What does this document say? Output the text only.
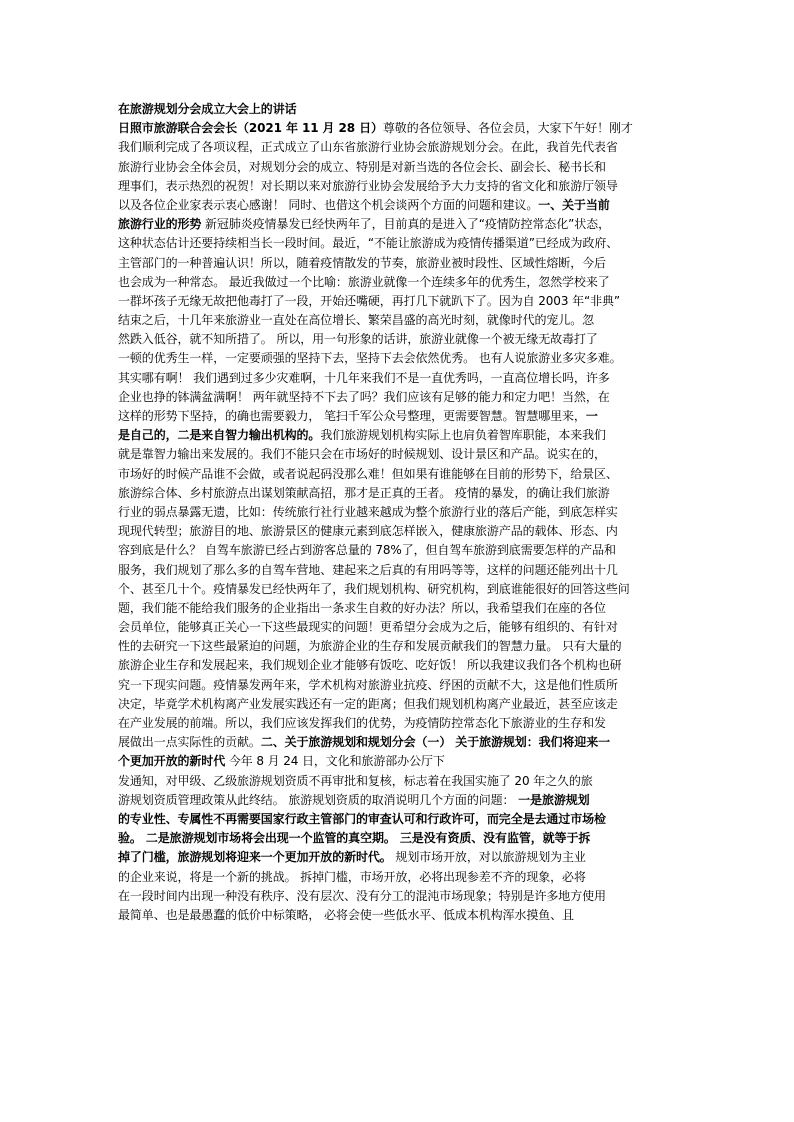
在旅游规划分会成立大会上的讲话
日照市旅游联合会会长（2021 年 11 月 28 日）尊敬的各位领导、各位会员，大家下午好！刚才
我们顺利完成了各项议程，正式成立了山东省旅游行业协会旅游规划分会。在此，我首先代表省
旅游行业协会全体会员，对规划分会的成立、特别是对新当选的各位会长、副会长、秘书长和
理事们，表示热烈的祝贺！对长期以来对旅游行业协会发展给予大力支持的省文化和旅游厅领导
以及各位企业家表示衷心感谢！ 同时、也借这个机会谈两个方面的问题和建议。一、关于当前
旅游行业的形势 新冠肺炎疫情暴发已经快两年了，目前真的是进入了“疫情防控常态化”状态，
这种状态估计还要持续相当长一段时间。最近，“不能让旅游成为疫情传播渠道”已经成为政府、
主管部门的一种普遍认识！所以，随着疫情散发的节奏，旅游业被时段性、区域性熔断，今后
也会成为一种常态。 最近我做过一个比喻：旅游业就像一个连续多年的优秀生，忽然学校来了
一群坏孩子无缘无故把他毒打了一段，开始还嘴硬，再打几下就趴下了。因为自 2003 年“非典”
结束之后，十几年来旅游业一直处在高位增长、繁荣昌盛的高光时刻，就像时代的宠儿。忽
然跌入低谷，就不知所措了。 所以，用一句形象的话讲，旅游业就像一个被无缘无故毒打了
一顿的优秀生一样，一定要顽强的坚持下去，坚持下去会依然优秀。 也有人说旅游业多灾多难。
其实哪有啊！ 我们遇到过多少灾难啊，十几年来我们不是一直优秀吗，一直高位增长吗，许多
企业也挣的钵满盆满啊！ 两年就坚持不下去了吗？我们应该有足够的能力和定力吧！当然，在
这样的形势下坚持，的确也需要毅力， 笔扫千军公众号整理，更需要智慧。智慧哪里来，一
是自己的，二是来自智力输出机构的。我们旅游规划机构实际上也肩负着智库职能，本来我们
就是靠智力输出来发展的。我们不能只会在市场好的时候规划、设计景区和产品。说实在的，
市场好的时候产品谁不会做，或者说起码没那么难！但如果有谁能够在目前的形势下，给景区、
旅游综合体、乡村旅游点出谋划策献高招，那才是正真的王者。 疫情的暴发，的确让我们旅游
行业的弱点暴露无遗，比如：传统旅行社行业越来越成为整个旅游行业的落后产能，到底怎样实
现现代转型；旅游目的地、旅游景区的健康元素到底怎样嵌入，健康旅游产品的载体、形态、内
容到底是什么？ 自驾车旅游已经占到游客总量的 78%了，但自驾车旅游到底需要怎样的产品和
服务，我们规划了那么多的自驾车营地、建起来之后真的有用吗等等，这样的问题还能列出十几
个、甚至几十个。疫情暴发已经快两年了，我们规划机构、研究机构，到底谁能很好的回答这些问
题，我们能不能给我们服务的企业指出一条求生自救的好办法？所以，我希望我们在座的各位
会员单位，能够真正关心一下这些最现实的问题！更希望分会成为之后，能够有组织的、有针对
性的去研究一下这些最紧迫的问题，为旅游企业的生存和发展贡献我们的智慧力量。 只有大量的
旅游企业生存和发展起来，我们规划企业才能够有饭吃、吃好饭！ 所以我建议我们各个机构也研
究一下现实问题。疫情暴发两年来，学术机构对旅游业抗疫、纾困的贡献不大，这是他们性质所
决定，毕竟学术机构离产业发展实践还有一定的距离；但我们规划机构离产业最近，甚至应该走
在产业发展的前端。所以，我们应该发挥我们的优势，为疫情防控常态化下旅游业的生存和发
展做出一点实际性的贡献。二、关于旅游规划和规划分会（一） 关于旅游规划：我们将迎来一
个更加开放的新时代 今年 8 月 24 日，文化和旅游部办公厅下
发通知，对甲级、乙级旅游规划资质不再审批和复核，标志着在我国实施了 20 年之久的旅
游规划资质管理政策从此终结。 旅游规划资质的取消说明几个方面的问题： 一是旅游规划
的专业性、专属性不再需要国家行政主管部门的审查认可和行政许可，而完全是去通过市场检
验。 二是旅游规划市场将会出现一个监管的真空期。 三是没有资质、没有监管，就等于拆
掉了门槛，旅游规划将迎来一个更加开放的新时代。 规划市场开放，对以旅游规划为主业
的企业来说，将是一个新的挑战。 拆掉门槛，市场开放，必将出现参差不齐的现象，必将
在一段时间内出现一种没有秩序、没有层次、没有分工的混沌市场现象；特别是许多地方使用
最简单、也是最愚蠢的低价中标策略， 必将会使一些低水平、低成本机构浑水摸鱼、且
